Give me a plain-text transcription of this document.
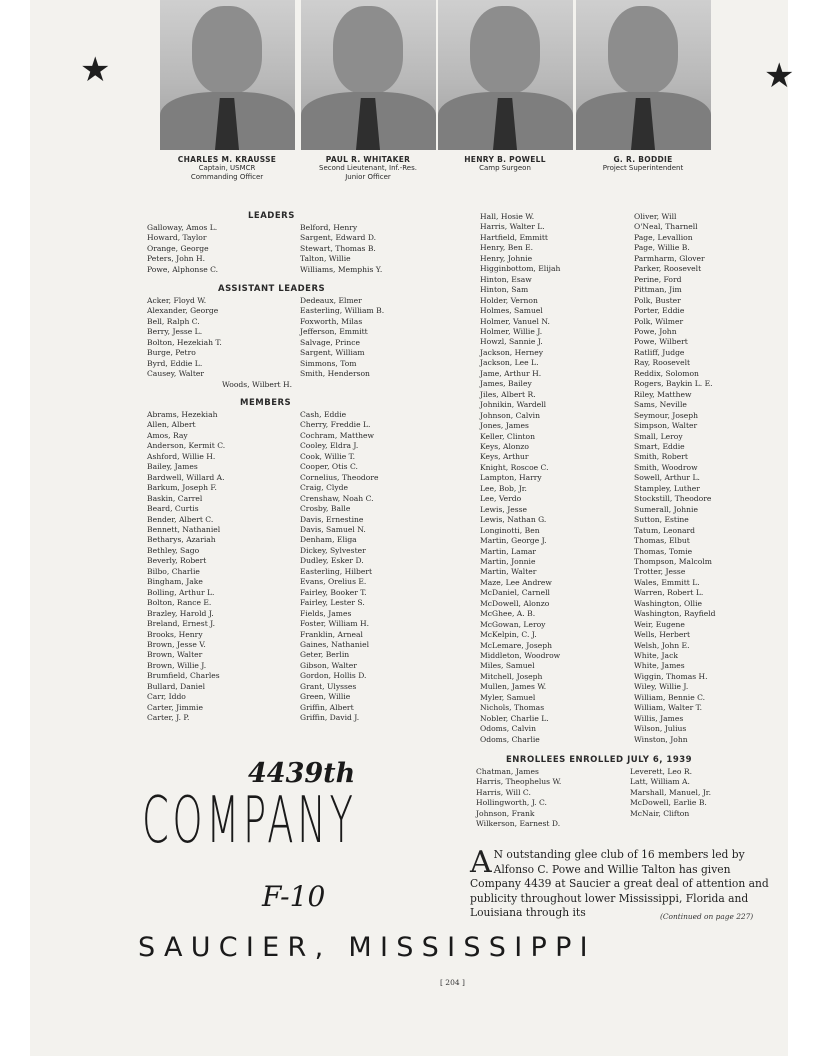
★	★
CHARLES M. KRAUSSE
Captain, USMCR
Commanding Officer
PAUL R. WHITAKER
Second Lieutenant, Inf.-Res.
Junior Officer
HENRY B. POWELL
Camp Surgeon
G. R. BODDIE
Project Superintendent
LEADERS
Galloway, Amos L.
Howard, Taylor
Orange, George
Peters, John H.
Powe, Alphonse C.
Belford, Henry
Sargent, Edward D.
Stewart, Thomas B.
Talton, Willie
Williams, Memphis Y.
ASSISTANT LEADERS
Acker, Floyd W.
Alexander, George
Bell, Ralph C.
Berry, Jesse L.
Bolton, Hezekiah T.
Burge, Petro
Byrd, Eddie L.
Causey, Walter
Dedeaux, Elmer
Easterling, William B.
Foxworth, Milas
Jefferson, Emmitt
Salvage, Prince
Sargent, William
Simmons, Tom
Smith, Henderson
Woods, Wilbert H.
MEMBERS
Abrams, Hezekiah
Allen, Albert
Amos, Ray
Anderson, Kermit C.
Ashford, Willie H.
Bailey, James
Bardwell, Willard A.
Barkum, Joseph F.
Baskin, Carrel
Beard, Curtis
Bender, Albert C.
Bennett, Nathaniel
Betharys, Azariah
Bethley, Sago
Beverly, Robert
Bilbo, Charlie
Bingham, Jake
Bolling, Arthur L.
Bolton, Rance E.
Brazley, Harold J.
Breland, Ernest J.
Brooks, Henry
Brown, Jesse V.
Brown, Walter
Brown, Willie J.
Brumfield, Charles
Bullard, Daniel
Carr, Iddo
Carter, Jimmie
Carter, J. P.
Cash, Eddie
Cherry, Freddie L.
Cochram, Matthew
Cooley, Eldra J.
Cook, Willie T.
Cooper, Otis C.
Cornelius, Theodore
Craig, Clyde
Crenshaw, Noah C.
Crosby, Balle
Davis, Ernestine
Davis, Samuel N.
Denham, Eliga
Dickey, Sylvester
Dudley, Esker D.
Easterling, Hilbert
Evans, Orelius E.
Fairley, Booker T.
Fairley, Lester S.
Fields, James
Foster, William H.
Franklin, Arneal
Gaines, Nathaniel
Geter, Berlin
Gibson, Walter
Gordon, Hollis D.
Grant, Ulysses
Green, Willie
Griffin, Albert
Griffin, David J.
Hall, Hosie W.
Harris, Walter L.
Hartfield, Emmitt
Henry, Ben E.
Henry, Johnie
Higginbottom, Elijah
Hinton, Esaw
Hinton, Sam
Holder, Vernon
Holmes, Samuel
Holmer, Vanuel N.
Holmer, Willie J.
Howzl, Sannie J.
Jackson, Herney
Jackson, Lee L.
Jame, Arthur H.
James, Bailey
Jiles, Albert R.
Johnikin, Wardell
Johnson, Calvin
Jones, James
Keller, Clinton
Keys, Alonzo
Keys, Arthur
Knight, Roscoe C.
Lampton, Harry
Lee, Bob, Jr.
Lee, Verdo
Lewis, Jesse
Lewis, Nathan G.
Longinotti, Ben
Martin, George J.
Martin, Lamar
Martin, Jonnie
Martin, Walter
Maze, Lee Andrew
McDaniel, Carnell
McDowell, Alonzo
McGhee, A. B.
McGowan, Leroy
McKelpin, C. J.
McLemare, Joseph
Middleton, Woodrow
Miles, Samuel
Mitchell, Joseph
Mullen, James W.
Myler, Samuel
Nichols, Thomas
Nobler, Charlie L.
Odoms, Calvin
Odoms, Charlie
Oliver, Will
O'Neal, Tharnell
Page, Levallion
Page, Willie B.
Parmharm, Glover
Parker, Roosevelt
Perine, Ford
Pittman, Jim
Polk, Buster
Porter, Eddie
Polk, Wilmer
Powe, John
Powe, Wilbert
Ratliff, Judge
Ray, Roosevelt
Reddix, Solomon
Rogers, Baykin L. E.
Riley, Matthew
Sams, Neville
Seymour, Joseph
Simpson, Walter
Small, Leroy
Smart, Eddie
Smith, Robert
Smith, Woodrow
Sowell, Arthur L.
Stampley, Luther
Stockstill, Theodore
Sumerall, Johnie
Sutton, Estine
Tatum, Leonard
Thomas, Elbut
Thomas, Tomie
Thompson, Malcolm
Trotter, Jesse
Wales, Emmitt L.
Warren, Robert L.
Washington, Ollie
Washington, Rayfield
Weir, Eugene
Wells, Herbert
Welsh, John E.
White, Jack
White, James
Wiggin, Thomas H.
Wiley, Willie J.
William, Bennie C.
William, Walter T.
Willis, James
Wilson, Julius
Winston, John
ENROLLEES ENROLLED JULY 6, 1939
Chatman, James
Harris, Theophelus W.
Harris, Will C.
Hollingworth, J. C.
Johnson, Frank
Wilkerson, Earnest D.
Leverett, Leo R.
Latt, William A.
Marshall, Manuel, Jr.
McDowell, Earlie B.
McNair, Clifton
4439th
COMPANY
F-10
SAUCIER, MISSISSIPPI
A N outstanding glee club of 16 members led by Alfonso C. Powe and Willie Talton has given Company 4439 at Saucier a great deal of attention and publicity throughout lower Mississippi, Florida and Louisiana through its	(Continued on page 227)
[ 204 ]
